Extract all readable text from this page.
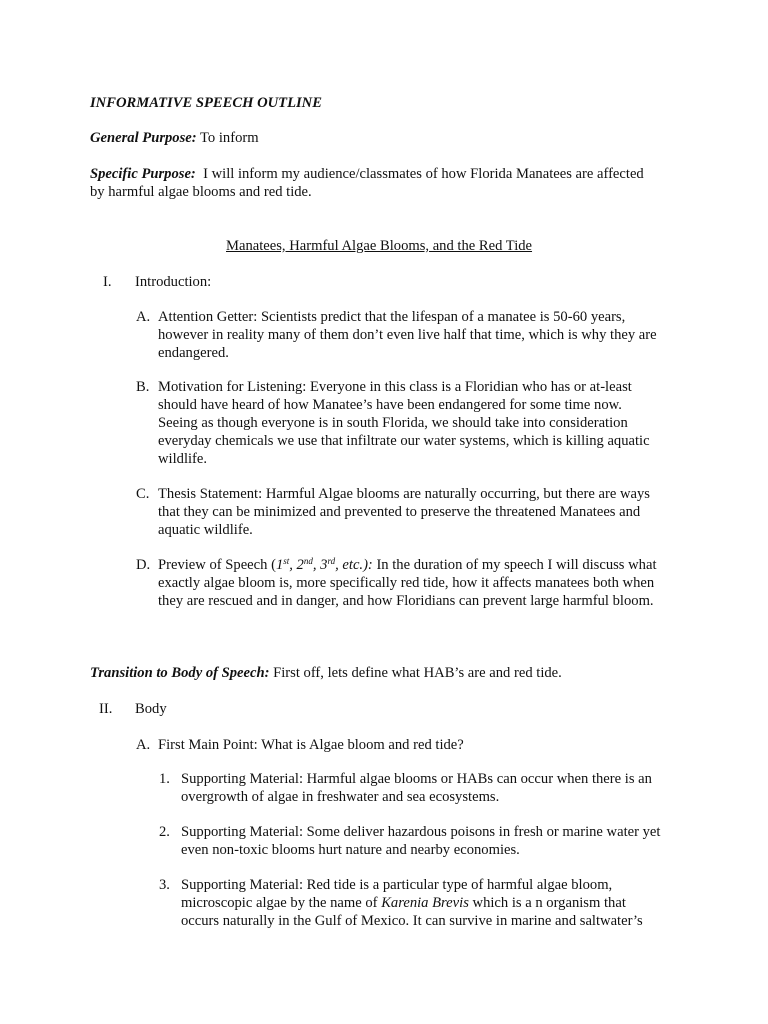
INFORMATIVE SPEECH OUTLINE
General Purpose: To inform
Specific Purpose: I will inform my audience/classmates of how Florida Manatees are affected
by harmful algae blooms and red tide.
Manatees, Harmful Algae Blooms, and the Red Tide
I. Introduction:
A. Attention Getter: Scientists predict that the lifespan of a manatee is 50-60 years,
however in reality many of them don’t even live half that time, which is why they are
endangered.
B. Motivation for Listening: Everyone in this class is a Floridian who has or at-least
should have heard of how Manatee’s have been endangered for some time now.
Seeing as though everyone is in south Florida, we should take into consideration
everyday chemicals we use that infiltrate our water systems, which is killing aquatic
wildlife.
C. Thesis Statement: Harmful Algae blooms are naturally occurring, but there are ways
that they can be minimized and prevented to preserve the threatened Manatees and
aquatic wildlife.
D. Preview of Speech (1st, 2nd, 3rd, etc.): In the duration of my speech I will discuss what
exactly algae bloom is, more specifically red tide, how it affects manatees both when
they are rescued and in danger, and how Floridians can prevent large harmful bloom.
Transition to Body of Speech: First off, lets define what HAB’s are and red tide.
II. Body
A. First Main Point: What is Algae bloom and red tide?
1. Supporting Material: Harmful algae blooms or HABs can occur when there is an
overgrowth of algae in freshwater and sea ecosystems.
2. Supporting Material: Some deliver hazardous poisons in fresh or marine water yet
even non-toxic blooms hurt nature and nearby economies.
3. Supporting Material: Red tide is a particular type of harmful algae bloom,
microscopic algae by the name of Karenia Brevis which is a n organism that
occurs naturally in the Gulf of Mexico. It can survive in marine and saltwater’s
